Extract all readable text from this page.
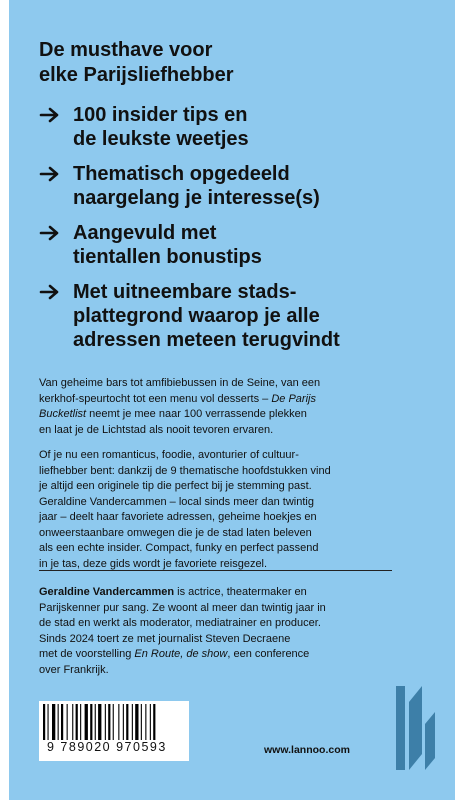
De musthave voor
elke Parijsliefhebber
100 insider tips en
de leukste weetjes
Thematisch opgedeeld
naargelang je interesse(s)
Aangevuld met
tientallen bonustips
Met uitneembare stads-
plattegrond waarop je alle
adressen meteen terugvindt
Van geheime bars tot amfibiebussen in de Seine, van een
kerkhof-speurtocht tot een menu vol desserts – De Parijs
Bucketlist neemt je mee naar 100 verrassende plekken
en laat je de Lichtstad als nooit tevoren ervaren.
Of je nu een romanticus, foodie, avonturier of cultuur-
liefhebber bent: dankzij de 9 thematische hoofdstukken vind
je altijd een originele tip die perfect bij je stemming past.
Geraldine Vandercammen – local sinds meer dan twintig
jaar – deelt haar favoriete adressen, geheime hoekjes en
onweerstaanbare omwegen die je de stad laten beleven
als een echte insider. Compact, funky en perfect passend
in je tas, deze gids wordt je favoriete reisgezel.
Geraldine Vandercammen is actrice, theatermaker en
Parijskenner pur sang. Ze woont al meer dan twintig jaar in
de stad en werkt als moderator, mediatrainer en producer.
Sinds 2024 toert ze met journalist Steven Decraene
met de voorstelling En Route, de show, een conference
over Frankrijk.
9 789020 970593	www.lannoo.com
